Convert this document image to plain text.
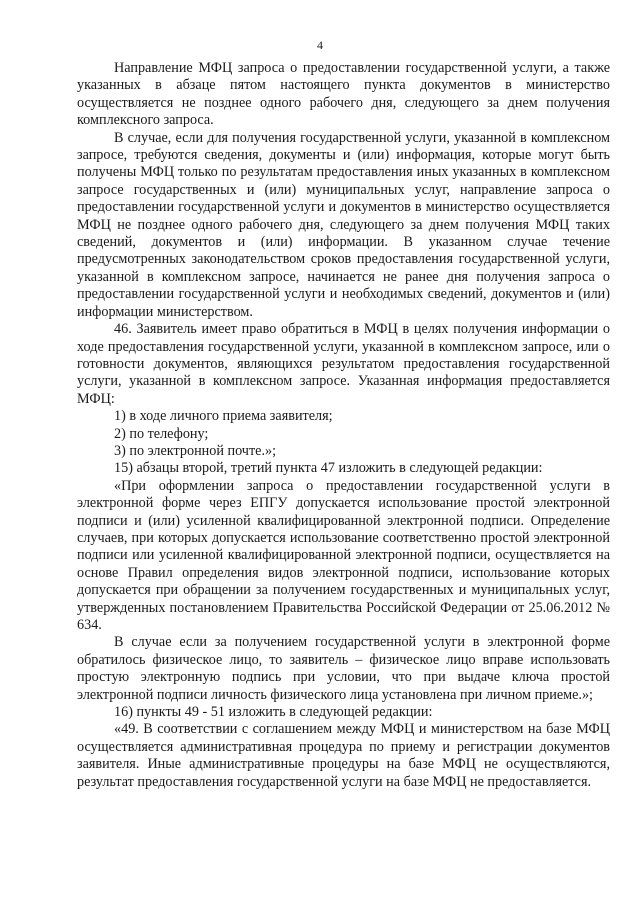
4

Направление МФЦ запроса о предоставлении государственной услуги, а также указанных в абзаце пятом настоящего пункта документов в министерство осуществляется не позднее одного рабочего дня, следующего за днем получения комплексного запроса.

В случае, если для получения государственной услуги, указанной в комплексном запросе, требуются сведения, документы и (или) информация, которые могут быть получены МФЦ только по результатам предоставления иных указанных в комплексном запросе государственных и (или) муниципальных услуг, направление запроса о предоставлении государственной услуги и документов в министерство осуществляется МФЦ не позднее одного рабочего дня, следующего за днем получения МФЦ таких сведений, документов и (или) информации. В указанном случае течение предусмотренных законодательством сроков предоставления государственной услуги, указанной в комплексном запросе, начинается не ранее дня получения запроса о предоставлении государственной услуги и необходимых сведений, документов и (или) информации министерством.

46. Заявитель имеет право обратиться в МФЦ в целях получения информации о ходе предоставления государственной услуги, указанной в комплексном запросе, или о готовности документов, являющихся результатом предоставления государственной услуги, указанной в комплексном запросе. Указанная информация предоставляется МФЦ:

1) в ходе личного приема заявителя;

2) по телефону;

3) по электронной почте.»;

15) абзацы второй, третий пункта 47 изложить в следующей редакции:

«При оформлении запроса о предоставлении государственной услуги в электронной форме через ЕПГУ допускается использование простой электронной подписи и (или) усиленной квалифицированной электронной подписи. Определение случаев, при которых допускается использование соответственно простой электронной подписи или усиленной квалифицированной электронной подписи, осуществляется на основе Правил определения видов электронной подписи, использование которых допускается при обращении за получением государственных и муниципальных услуг, утвержденных постановлением Правительства Российской Федерации от 25.06.2012 № 634.

В случае если за получением государственной услуги в электронной форме обратилось физическое лицо, то заявитель – физическое лицо вправе использовать простую электронную подпись при условии, что при выдаче ключа простой электронной подписи личность физического лица установлена при личном приеме.»;

16) пункты 49 - 51 изложить в следующей редакции:

«49. В соответствии с соглашением между МФЦ и министерством на базе МФЦ осуществляется административная процедура по приему и регистрации документов заявителя. Иные административные процедуры на базе МФЦ не осуществляются, результат предоставления государственной услуги на базе МФЦ не предоставляется.
